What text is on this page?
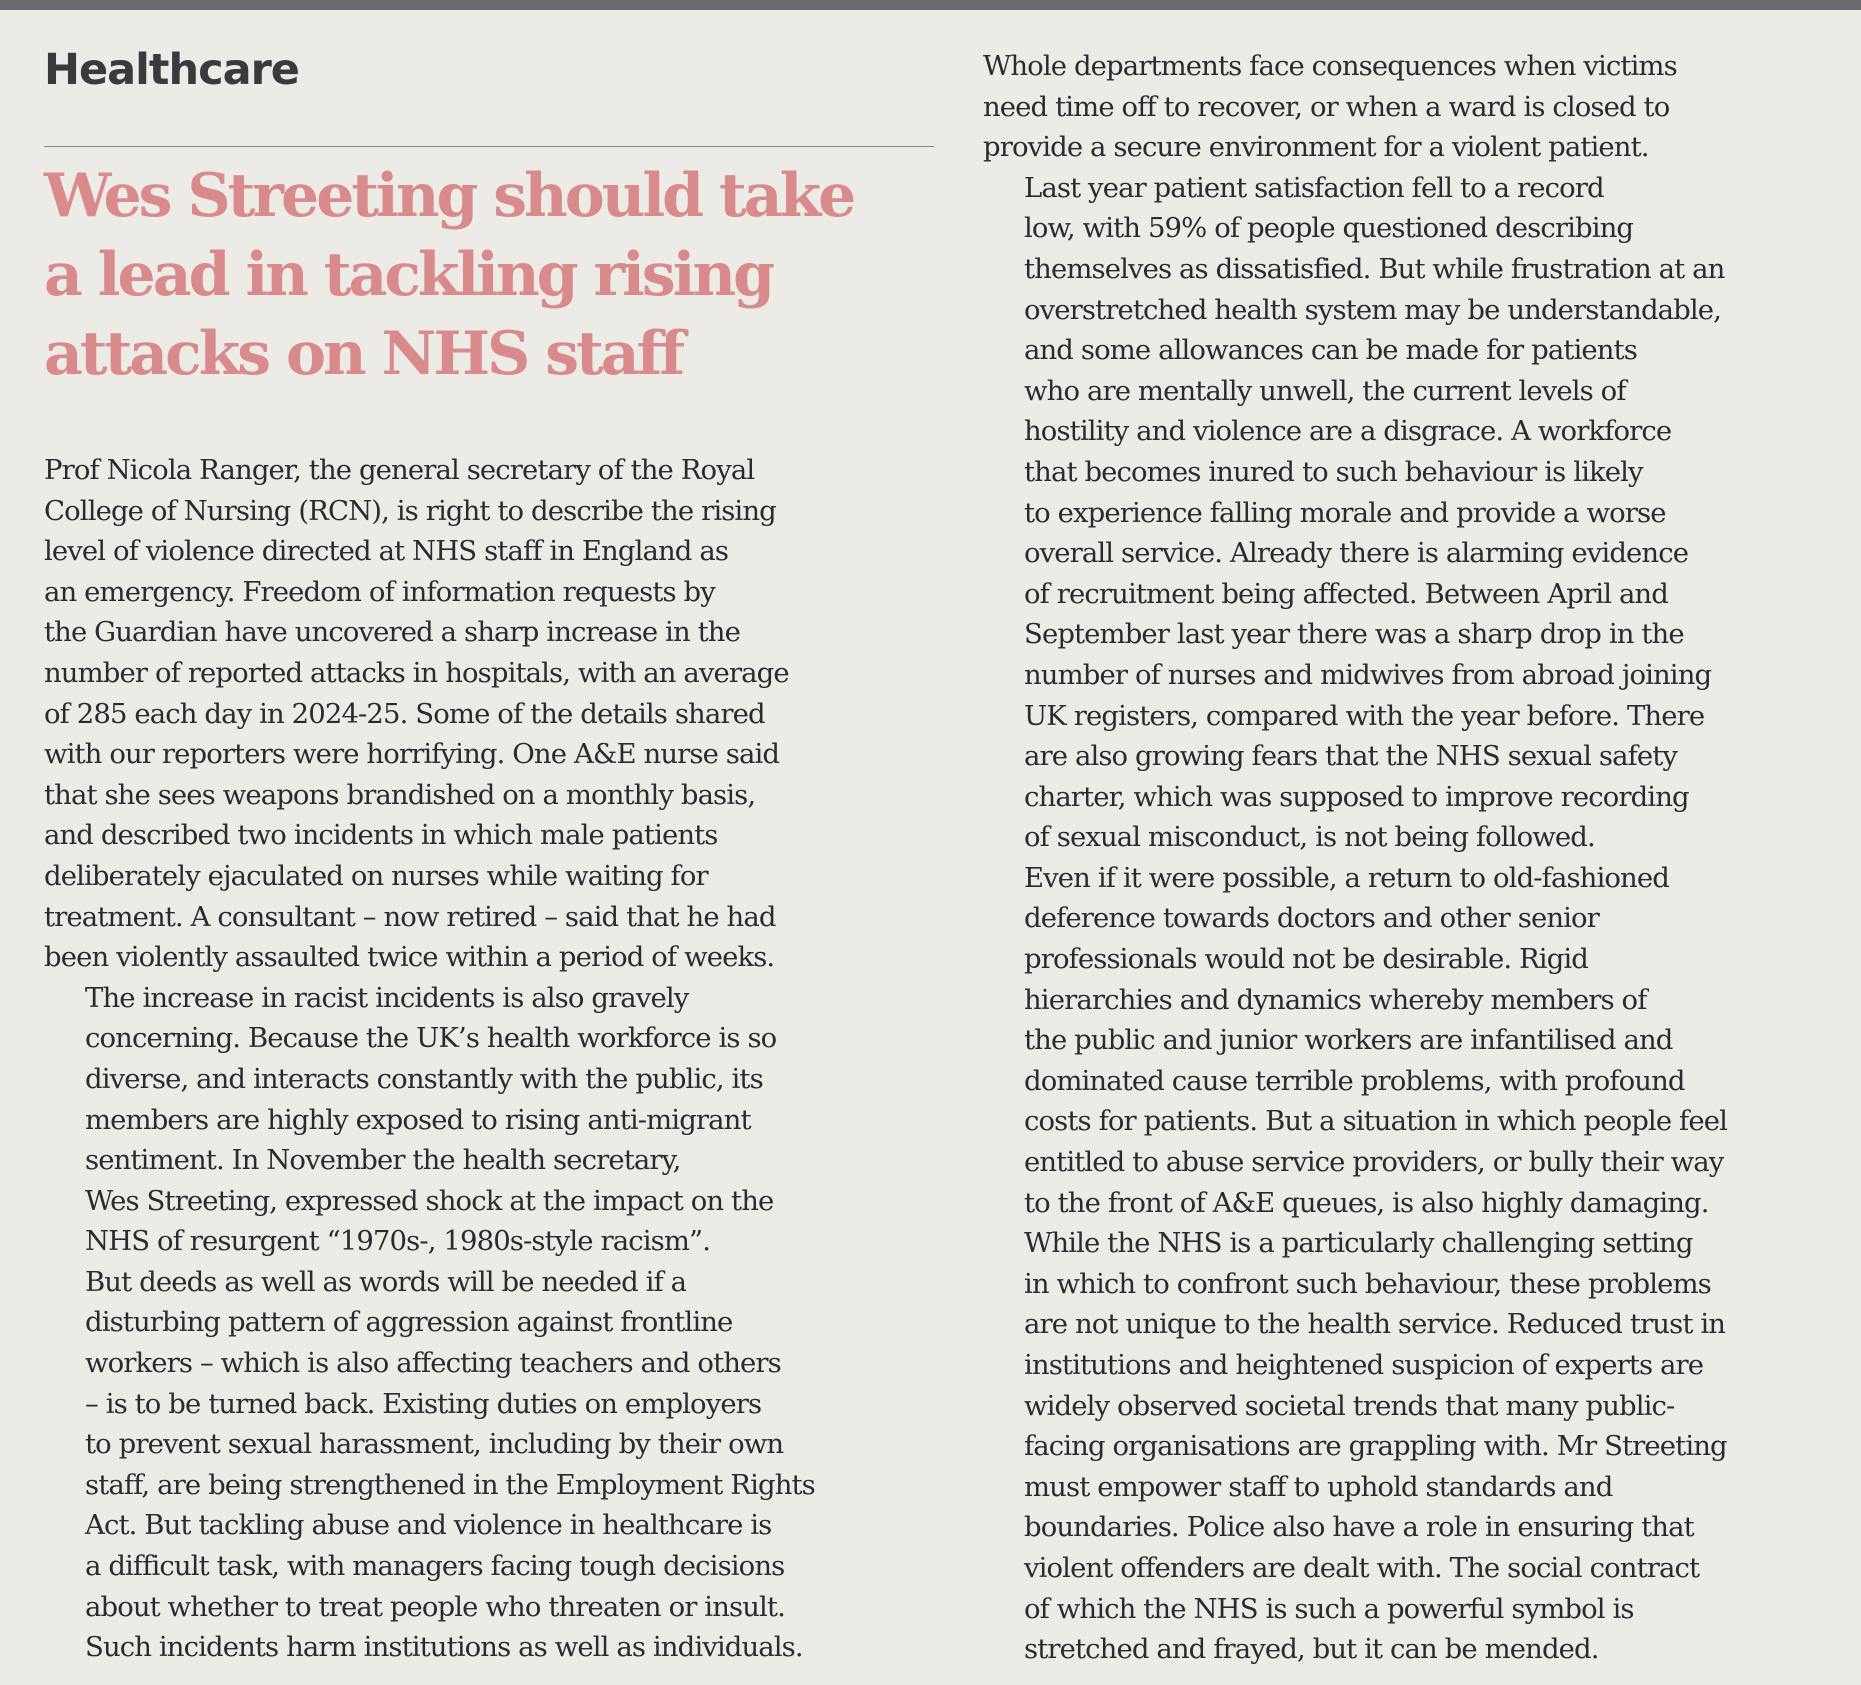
Healthcare
Wes Streeting should take
a lead in tackling rising
attacks on NHS staff

Prof Nicola Ranger, the general secretary of the Royal
College of Nursing (RCN), is right to describe the rising
level of violence directed at NHS staff in England as
an emergency. Freedom of information requests by
the Guardian have uncovered a sharp increase in the
number of reported attacks in hospitals, with an average
of 285 each day in 2024-25. Some of the details shared
with our reporters were horrifying. One A&E nurse said
that she sees weapons brandished on a monthly basis,
and described two incidents in which male patients
deliberately ejaculated on nurses while waiting for
treatment. A consultant – now retired – said that he had
been violently assaulted twice within a period of weeks.

The increase in racist incidents is also gravely
concerning. Because the UK’s health workforce is so
diverse, and interacts constantly with the public, its
members are highly exposed to rising anti-migrant
sentiment. In November the health secretary,
Wes Streeting, expressed shock at the impact on the
NHS of resurgent “1970s-, 1980s-style racism”.

But deeds as well as words will be needed if a
disturbing pattern of aggression against frontline
workers – which is also affecting teachers and others
– is to be turned back. Existing duties on employers
to prevent sexual harassment, including by their own
staff, are being strengthened in the Employment Rights
Act. But tackling abuse and violence in healthcare is
a difficult task, with managers facing tough decisions
about whether to treat people who threaten or insult.
Such incidents harm institutions as well as individuals.

Whole departments face consequences when victims
need time off to recover, or when a ward is closed to
provide a secure environment for a violent patient.

Last year patient satisfaction fell to a record
low, with 59% of people questioned describing
themselves as dissatisfied. But while frustration at an
overstretched health system may be understandable,
and some allowances can be made for patients
who are mentally unwell, the current levels of
hostility and violence are a disgrace. A workforce
that becomes inured to such behaviour is likely
to experience falling morale and provide a worse
overall service. Already there is alarming evidence
of recruitment being affected. Between April and
September last year there was a sharp drop in the
number of nurses and midwives from abroad joining
UK registers, compared with the year before. There
are also growing fears that the NHS sexual safety
charter, which was supposed to improve recording
of sexual misconduct, is not being followed.

Even if it were possible, a return to old-fashioned
deference towards doctors and other senior
professionals would not be desirable. Rigid
hierarchies and dynamics whereby members of
the public and junior workers are infantilised and
dominated cause terrible problems, with profound
costs for patients. But a situation in which people feel
entitled to abuse service providers, or bully their way
to the front of A&E queues, is also highly damaging.

While the NHS is a particularly challenging setting
in which to confront such behaviour, these problems
are not unique to the health service. Reduced trust in
institutions and heightened suspicion of experts are
widely observed societal trends that many public-
facing organisations are grappling with. Mr Streeting
must empower staff to uphold standards and
boundaries. Police also have a role in ensuring that
violent offenders are dealt with. The social contract
of which the NHS is such a powerful symbol is
stretched and frayed, but it can be mended.
